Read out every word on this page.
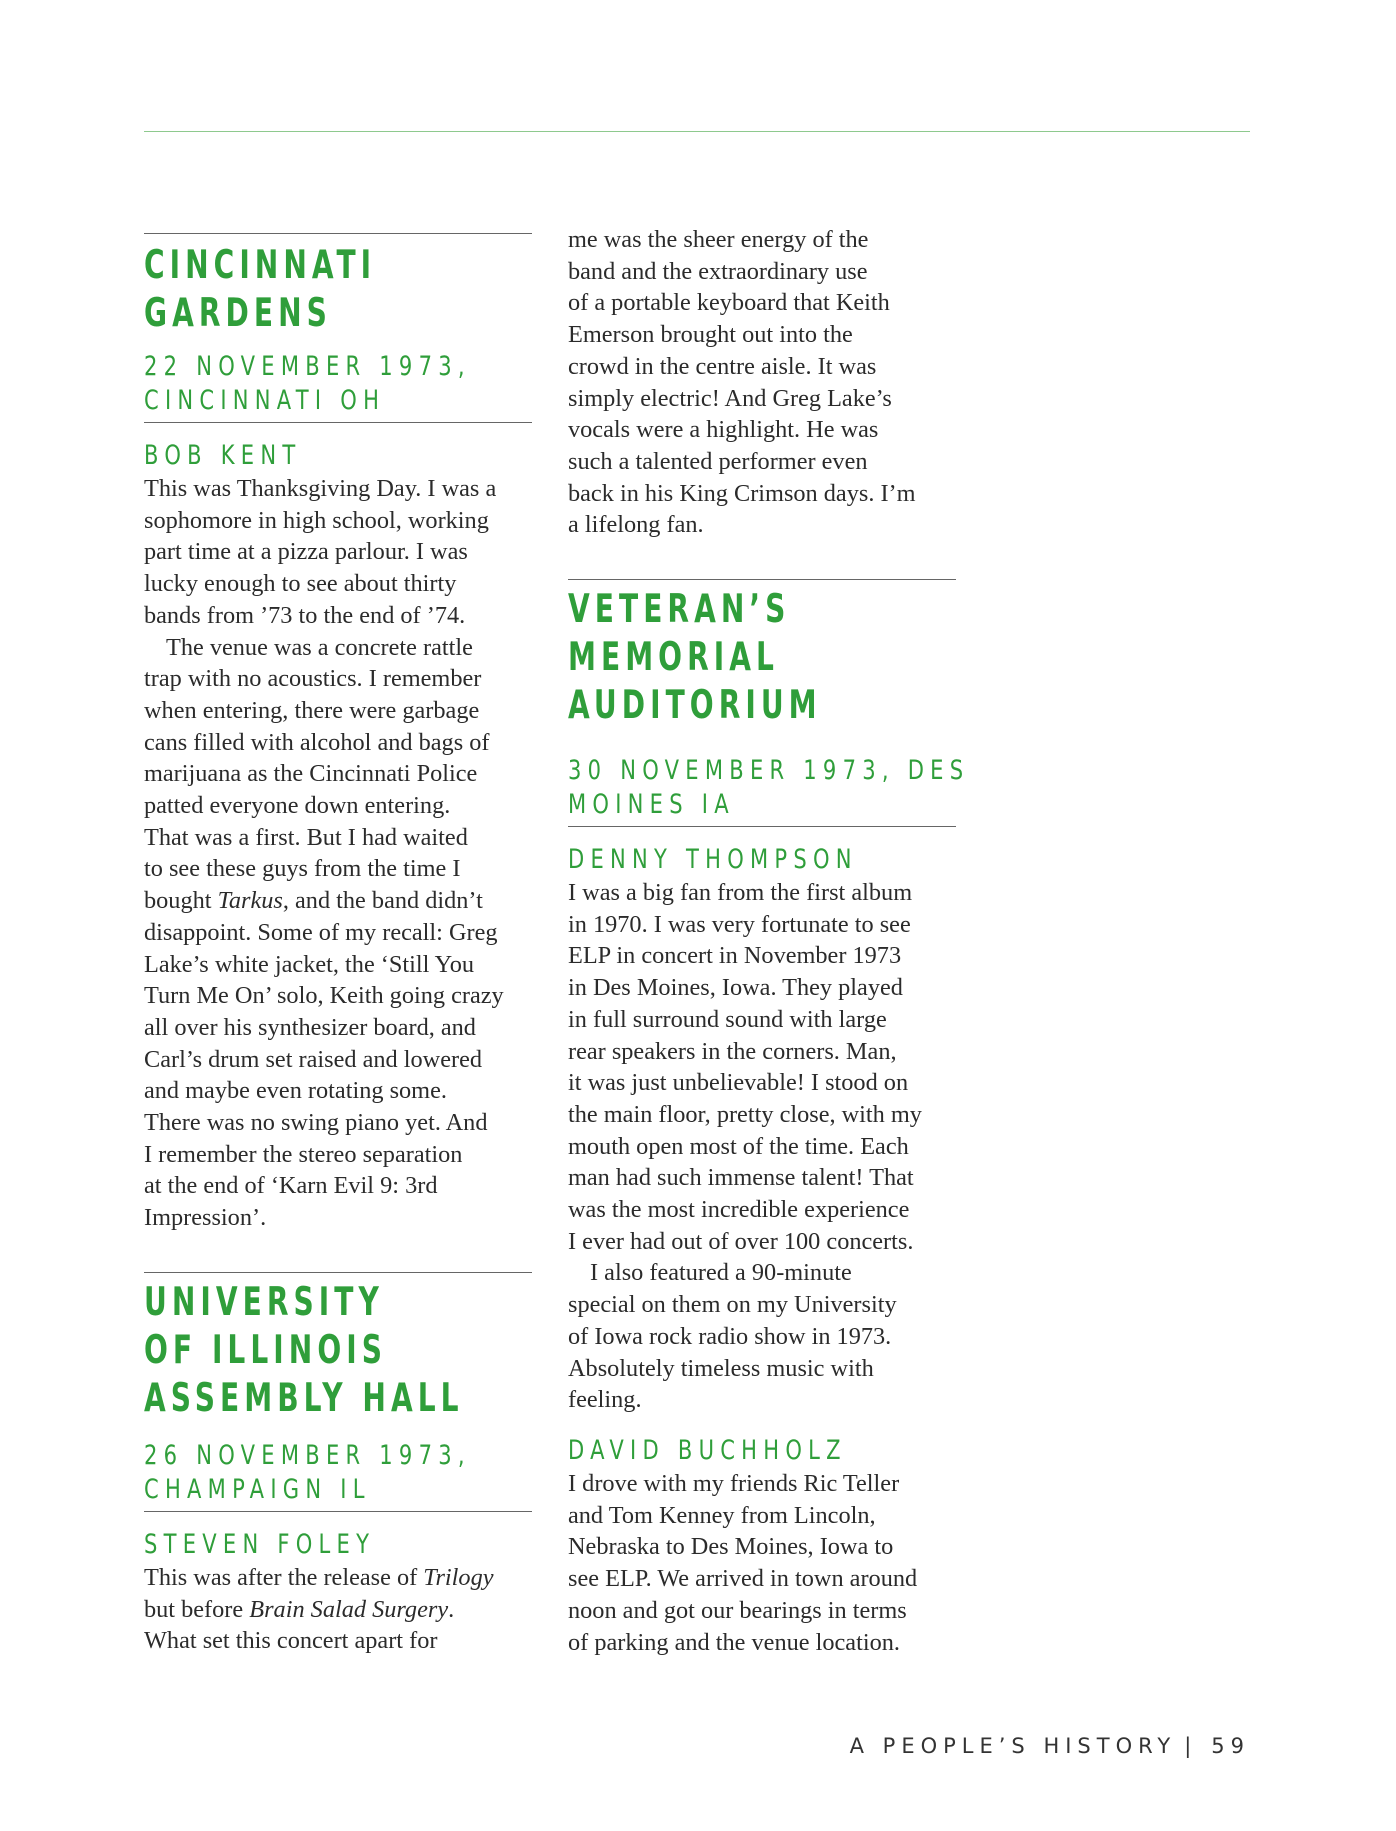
CINCINNATI
GARDENS
22 NOVEMBER 1973,
CINCINNATI OH
BOB KENT
This was Thanksgiving Day. I was a
sophomore in high school, working
part time at a pizza parlour. I was
lucky enough to see about thirty
bands from ’73 to the end of ’74.
The venue was a concrete rattle
trap with no acoustics. I remember
when entering, there were garbage
cans filled with alcohol and bags of
marijuana as the Cincinnati Police
patted everyone down entering.
That was a first. But I had waited
to see these guys from the time I
bought Tarkus, and the band didn’t
disappoint. Some of my recall: Greg
Lake’s white jacket, the ‘Still You
Turn Me On’ solo, Keith going crazy
all over his synthesizer board, and
Carl’s drum set raised and lowered
and maybe even rotating some.
There was no swing piano yet. And
I remember the stereo separation
at the end of ‘Karn Evil 9: 3rd
Impression’.
UNIVERSITY
OF ILLINOIS
ASSEMBLY HALL
26 NOVEMBER 1973,
CHAMPAIGN IL
STEVEN FOLEY
This was after the release of Trilogy
but before Brain Salad Surgery.
What set this concert apart for
me was the sheer energy of the
band and the extraordinary use
of a portable keyboard that Keith
Emerson brought out into the
crowd in the centre aisle. It was
simply electric! And Greg Lake’s
vocals were a highlight. He was
such a talented performer even
back in his King Crimson days. I’m
a lifelong fan.
VETERAN’S
MEMORIAL
AUDITORIUM
30 NOVEMBER 1973, DES
MOINES IA
DENNY THOMPSON
I was a big fan from the first album
in 1970. I was very fortunate to see
ELP in concert in November 1973
in Des Moines, Iowa. They played
in full surround sound with large
rear speakers in the corners. Man,
it was just unbelievable! I stood on
the main floor, pretty close, with my
mouth open most of the time. Each
man had such immense talent! That
was the most incredible experience
I ever had out of over 100 concerts.
I also featured a 90-minute
special on them on my University
of Iowa rock radio show in 1973.
Absolutely timeless music with
feeling.
DAVID BUCHHOLZ
I drove with my friends Ric Teller
and Tom Kenney from Lincoln,
Nebraska to Des Moines, Iowa to
see ELP. We arrived in town around
noon and got our bearings in terms
of parking and the venue location.
A PEOPLE’S HISTORY | 59
